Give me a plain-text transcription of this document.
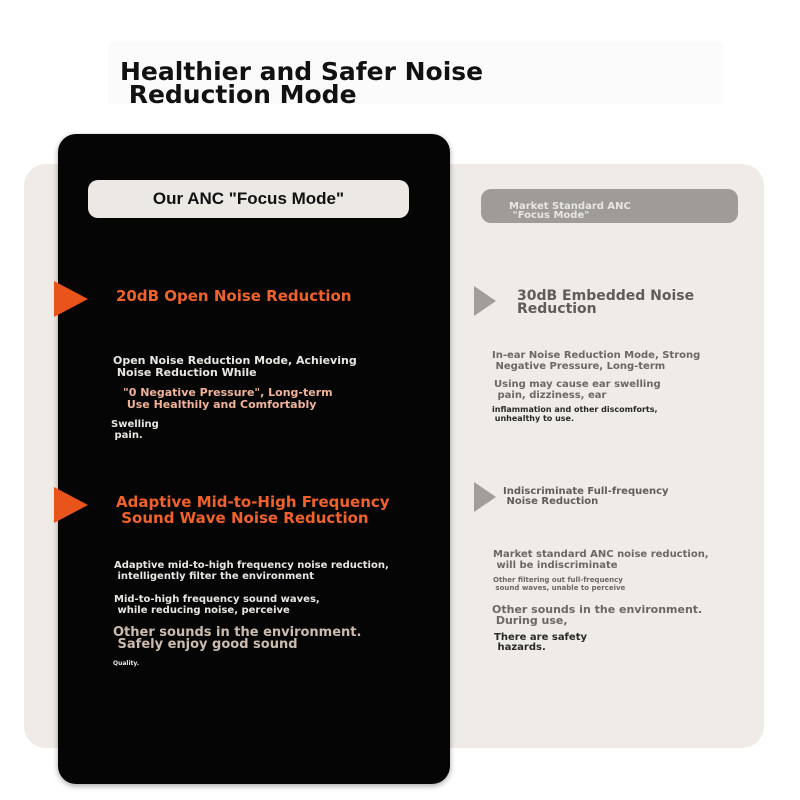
Healthier and Safer Noise
Reduction Mode
Our ANC "Focus Mode"
20dB Open Noise Reduction
Open Noise Reduction Mode, Achieving
Noise Reduction While
"0 Negative Pressure", Long-term
Use Healthily and Comfortably
Swelling
pain.
Adaptive Mid-to-High Frequency
Sound Wave Noise Reduction
Adaptive mid-to-high frequency noise reduction,
intelligently filter the environment
Mid-to-high frequency sound waves,
while reducing noise, perceive
Other sounds in the environment.
Safely enjoy good sound
Quality.
Market Standard ANC
"Focus Mode"
30dB Embedded Noise
Reduction
In-ear Noise Reduction Mode, Strong
Negative Pressure, Long-term
Using may cause ear swelling
pain, dizziness, ear
inflammation and other discomforts,
unhealthy to use.
Indiscriminate Full-frequency
Noise Reduction
Market standard ANC noise reduction,
will be indiscriminate
Other filtering out full-frequency
sound waves, unable to perceive
Other sounds in the environment.
During use,
There are safety
hazards.
